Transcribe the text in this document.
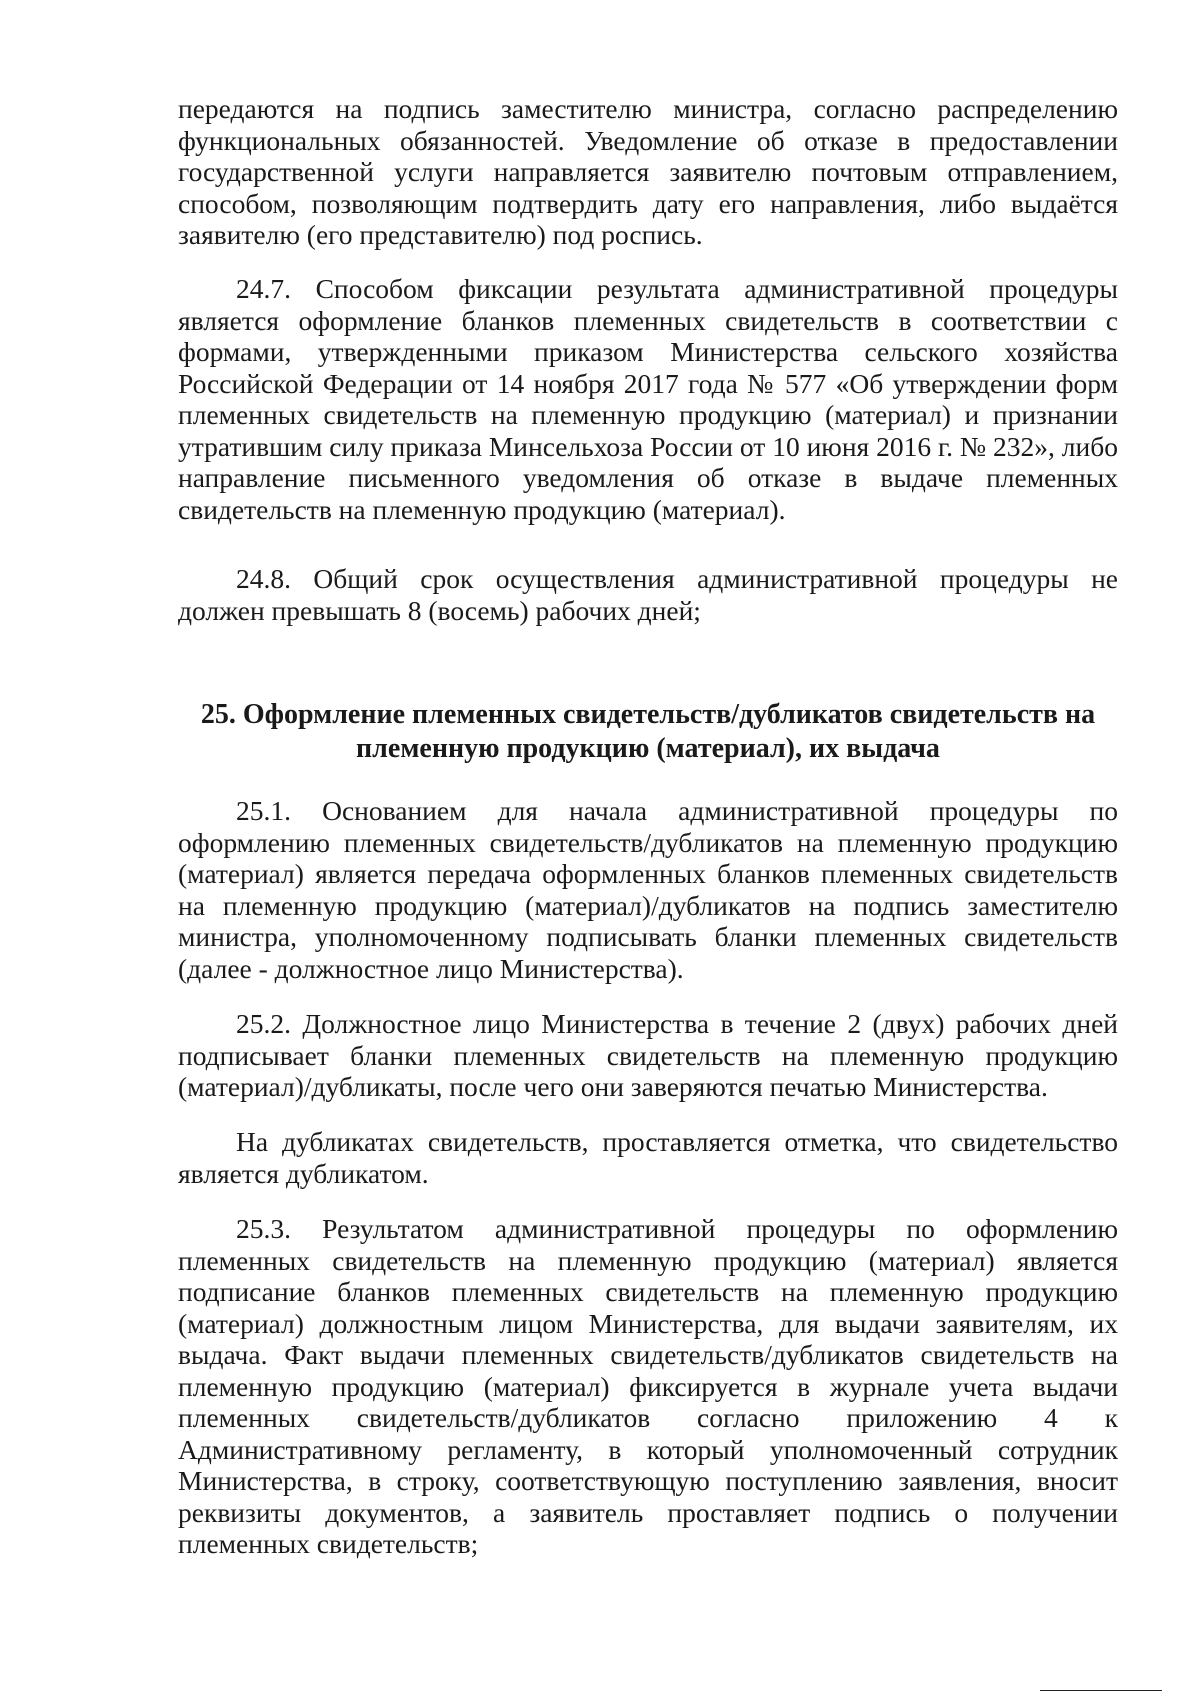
передаются на подпись заместителю министра, согласно распределению функциональных обязанностей. Уведомление об отказе в предоставлении государственной услуги направляется заявителю почтовым отправлением, способом, позволяющим подтвердить дату его направления, либо выдаётся заявителю (его представителю) под роспись.

24.7. Способом фиксации результата административной процедуры является оформление бланков племенных свидетельств в соответствии с формами, утвержденными приказом Министерства сельского хозяйства Российской Федерации от 14 ноября 2017 года № 577 «Об утверждении форм племенных свидетельств на племенную продукцию (материал) и признании утратившим силу приказа Минсельхоза России от 10 июня 2016 г. № 232», либо направление письменного уведомления об отказе в выдаче племенных свидетельств на племенную продукцию (материал).

24.8. Общий срок осуществления административной процедуры не должен превышать 8 (восемь) рабочих дней;

25. Оформление племенных свидетельств/дубликатов свидетельств на

племенную продукцию (материал), их выдача

25.1. Основанием для начала административной процедуры по оформлению племенных свидетельств/дубликатов на племенную продукцию (материал) является передача оформленных бланков племенных свидетельств на племенную продукцию (материал)/дубликатов на подпись заместителю министра, уполномоченному подписывать бланки племенных свидетельств (далее - должностное лицо Министерства).

25.2. Должностное лицо Министерства в течение 2 (двух) рабочих дней подписывает бланки племенных свидетельств на племенную продукцию (материал)/дубликаты, после чего они заверяются печатью Министерства.

На дубликатах свидетельств, проставляется отметка, что свидетельство является дубликатом.

25.3. Результатом административной процедуры по оформлению племенных свидетельств на племенную продукцию (материал) является подписание бланков племенных свидетельств на племенную продукцию (материал) должностным лицом Министерства, для выдачи заявителям, их выдача. Факт выдачи племенных свидетельств/дубликатов свидетельств на племенную продукцию (материал) фиксируется в журнале учета выдачи племенных свидетельств/дубликатов согласно приложению 4 к Административному регламенту, в который уполномоченный сотрудник Министерства, в строку, соответствующую поступлению заявления, вносит реквизиты документов, а заявитель проставляет подпись о получении племенных свидетельств;
